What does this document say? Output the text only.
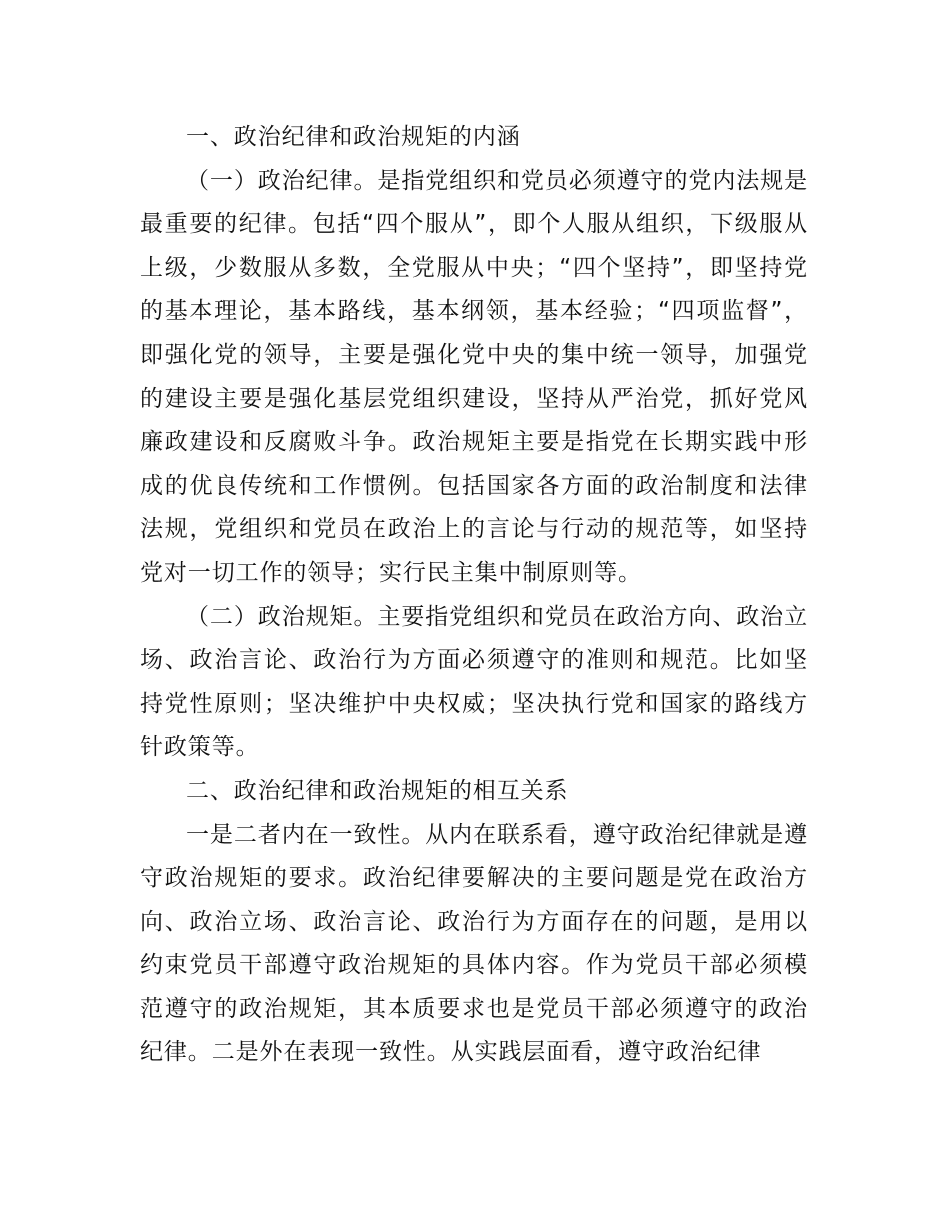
一、政治纪律和政治规矩的内涵

（一）政治纪律。是指党组织和党员必须遵守的党内法规是最重要的纪律。包括“四个服从”，即个人服从组织，下级服从上级，少数服从多数，全党服从中央；“四个坚持”，即坚持党的基本理论，基本路线，基本纲领，基本经验；“四项监督”，即强化党的领导，主要是强化党中央的集中统一领导，加强党的建设主要是强化基层党组织建设，坚持从严治党，抓好党风廉政建设和反腐败斗争。政治规矩主要是指党在长期实践中形成的优良传统和工作惯例。包括国家各方面的政治制度和法律法规，党组织和党员在政治上的言论与行动的规范等，如坚持党对一切工作的领导；实行民主集中制原则等。

（二）政治规矩。主要指党组织和党员在政治方向、政治立场、政治言论、政治行为方面必须遵守的准则和规范。比如坚持党性原则；坚决维护中央权威；坚决执行党和国家的路线方针政策等。

二、政治纪律和政治规矩的相互关系

一是二者内在一致性。从内在联系看，遵守政治纪律就是遵守政治规矩的要求。政治纪律要解决的主要问题是党在政治方向、政治立场、政治言论、政治行为方面存在的问题，是用以约束党员干部遵守政治规矩的具体内容。作为党员干部必须模范遵守的政治规矩，其本质要求也是党员干部必须遵守的政治纪律。二是外在表现一致性。从实践层面看，遵守政治纪律
